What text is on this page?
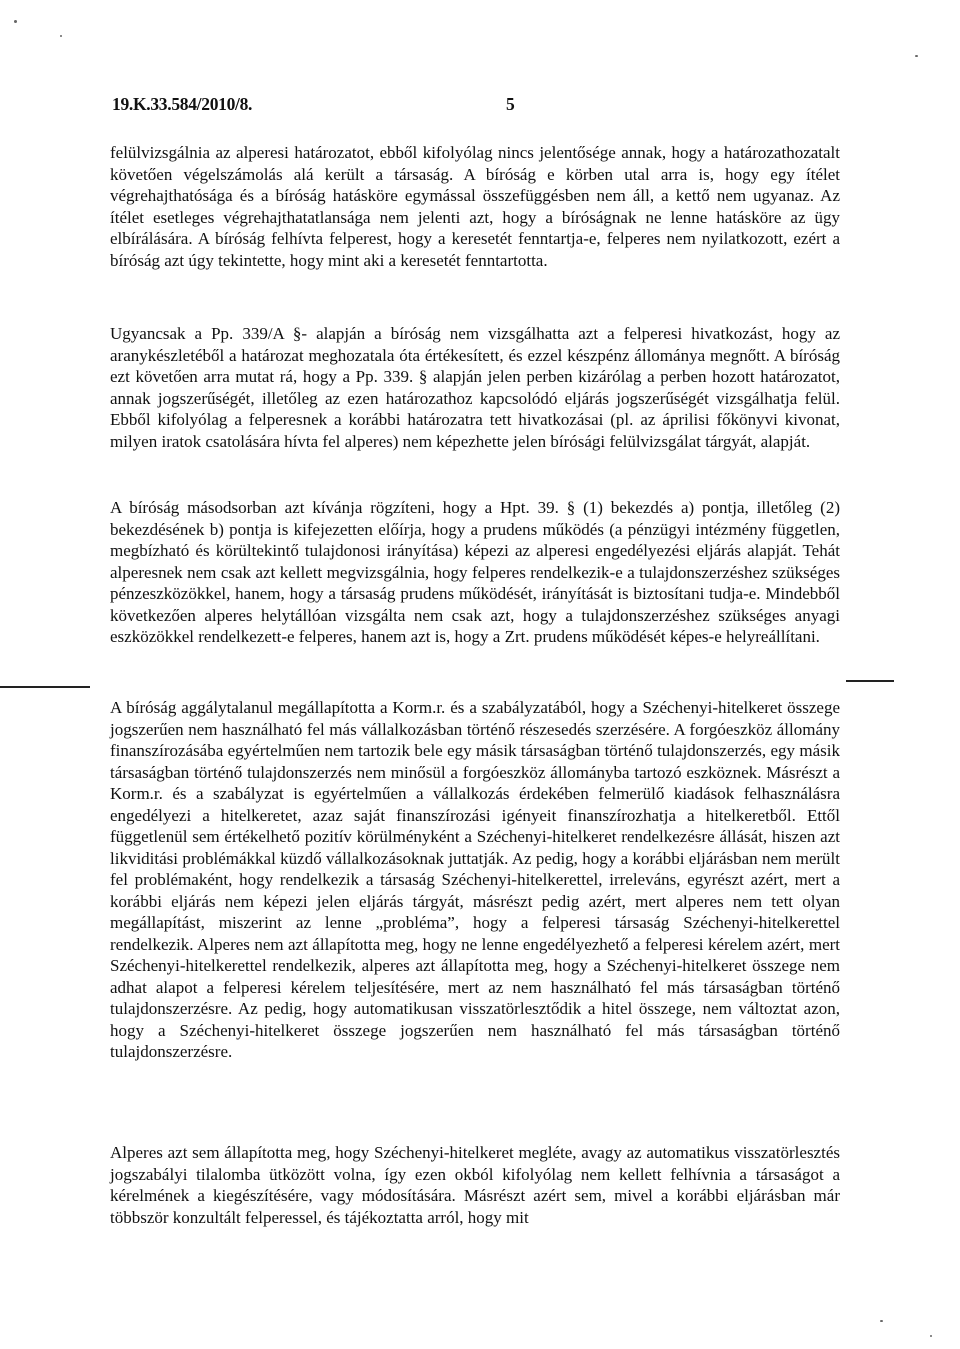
19.K.33.584/2010/8.	5

felülvizsgálnia az alperesi határozatot, ebből kifolyólag nincs jelentősége annak, hogy a határozathozatalt követően végelszámolás alá került a társaság. A bíróság e körben utal arra is, hogy egy ítélet végrehajthatósága és a bíróság hatásköre egymással összefüggésben nem áll, a kettő nem ugyanaz. Az ítélet esetleges végrehajthatatlansága nem jelenti azt, hogy a bíróságnak ne lenne hatásköre az ügy elbírálására. A bíróság felhívta felperest, hogy a keresetét fenntartja-e, felperes nem nyilatkozott, ezért a bíróság azt úgy tekintette, hogy mint aki a keresetét fenntartotta.

Ugyancsak a Pp. 339/A §- alapján a bíróság nem vizsgálhatta azt a felperesi hivatkozást, hogy az aranykészletéből a határozat meghozatala óta értékesített, és ezzel készpénz állománya megnőtt. A bíróság ezt követően arra mutat rá, hogy a Pp. 339. § alapján jelen perben kizárólag a perben hozott határozatot, annak jogszerűségét, illetőleg az ezen határozathoz kapcsolódó eljárás jogszerűségét vizsgálhatja felül. Ebből kifolyólag a felperesnek a korábbi határozatra tett hivatkozásai (pl. az áprilisi főkönyvi kivonat, milyen iratok csatolására hívta fel alperes) nem képezhette jelen bírósági felülvizsgálat tárgyát, alapját.

A bíróság másodsorban azt kívánja rögzíteni, hogy a Hpt. 39. § (1) bekezdés a) pontja, illetőleg (2) bekezdésének b) pontja is kifejezetten előírja, hogy a prudens működés (a pénzügyi intézmény független, megbízható és körültekintő tulajdonosi irányítása) képezi az alperesi engedélyezési eljárás alapját. Tehát alperesnek nem csak azt kellett megvizsgálnia, hogy felperes rendelkezik-e a tulajdonszerzéshez szükséges pénzeszközökkel, hanem, hogy a társaság prudens működését, irányítását is biztosítani tudja-e. Mindebből következően alperes helytállóan vizsgálta nem csak azt, hogy a tulajdonszerzéshez szükséges anyagi eszközökkel rendelkezett-e felperes, hanem azt is, hogy a Zrt. prudens működését képes-e helyreállítani.

A bíróság aggálytalanul megállapította a Korm.r. és a szabályzatából, hogy a Széchenyi-hitelkeret összege jogszerűen nem használható fel más vállalkozásban történő részesedés szerzésére. A forgóeszköz állomány finanszírozásába egyértelműen nem tartozik bele egy másik társaságban történő tulajdonszerzés, egy másik társaságban történő tulajdonszerzés nem minősül a forgóeszköz állományba tartozó eszköznek. Másrészt a Korm.r. és a szabályzat is egyértelműen a vállalkozás érdekében felmerülő kiadások felhasználásra engedélyezi a hitelkeretet, azaz saját finanszírozási igényeit finanszírozhatja a hitelkeretből. Ettől függetlenül sem értékelhető pozitív körülményként a Széchenyi-hitelkeret rendelkezésre állását, hiszen azt likviditási problémákkal küzdő vállalkozásoknak juttatják. Az pedig, hogy a korábbi eljárásban nem merült fel problémaként, hogy rendelkezik a társaság Széchenyi-hitelkerettel, irreleváns, egyrészt azért, mert a korábbi eljárás nem képezi jelen eljárás tárgyát, másrészt pedig azért, mert alperes nem tett olyan megállapítást, miszerint az lenne „probléma”, hogy a felperesi társaság Széchenyi-hitelkerettel rendelkezik. Alperes nem azt állapította meg, hogy ne lenne engedélyezhető a felperesi kérelem azért, mert Széchenyi-hitelkerettel rendelkezik, alperes azt állapította meg, hogy a Széchenyi-hitelkeret összege nem adhat alapot a felperesi kérelem teljesítésére, mert az nem használható fel más társaságban történő tulajdonszerzésre. Az pedig, hogy automatikusan visszatörlesztődik a hitel összege, nem változtat azon, hogy a Széchenyi-hitelkeret összege jogszerűen nem használható fel más társaságban történő tulajdonszerzésre.

Alperes azt sem állapította meg, hogy Széchenyi-hitelkeret megléte, avagy az automatikus visszatörlesztés jogszabályi tilalomba ütközött volna, így ezen okból kifolyólag nem kellett felhívnia a társaságot a kérelmének a kiegészítésére, vagy módosítására. Másrészt azért sem, mivel a korábbi eljárásban már többször konzultált felperessel, és tájékoztatta arról, hogy mit
